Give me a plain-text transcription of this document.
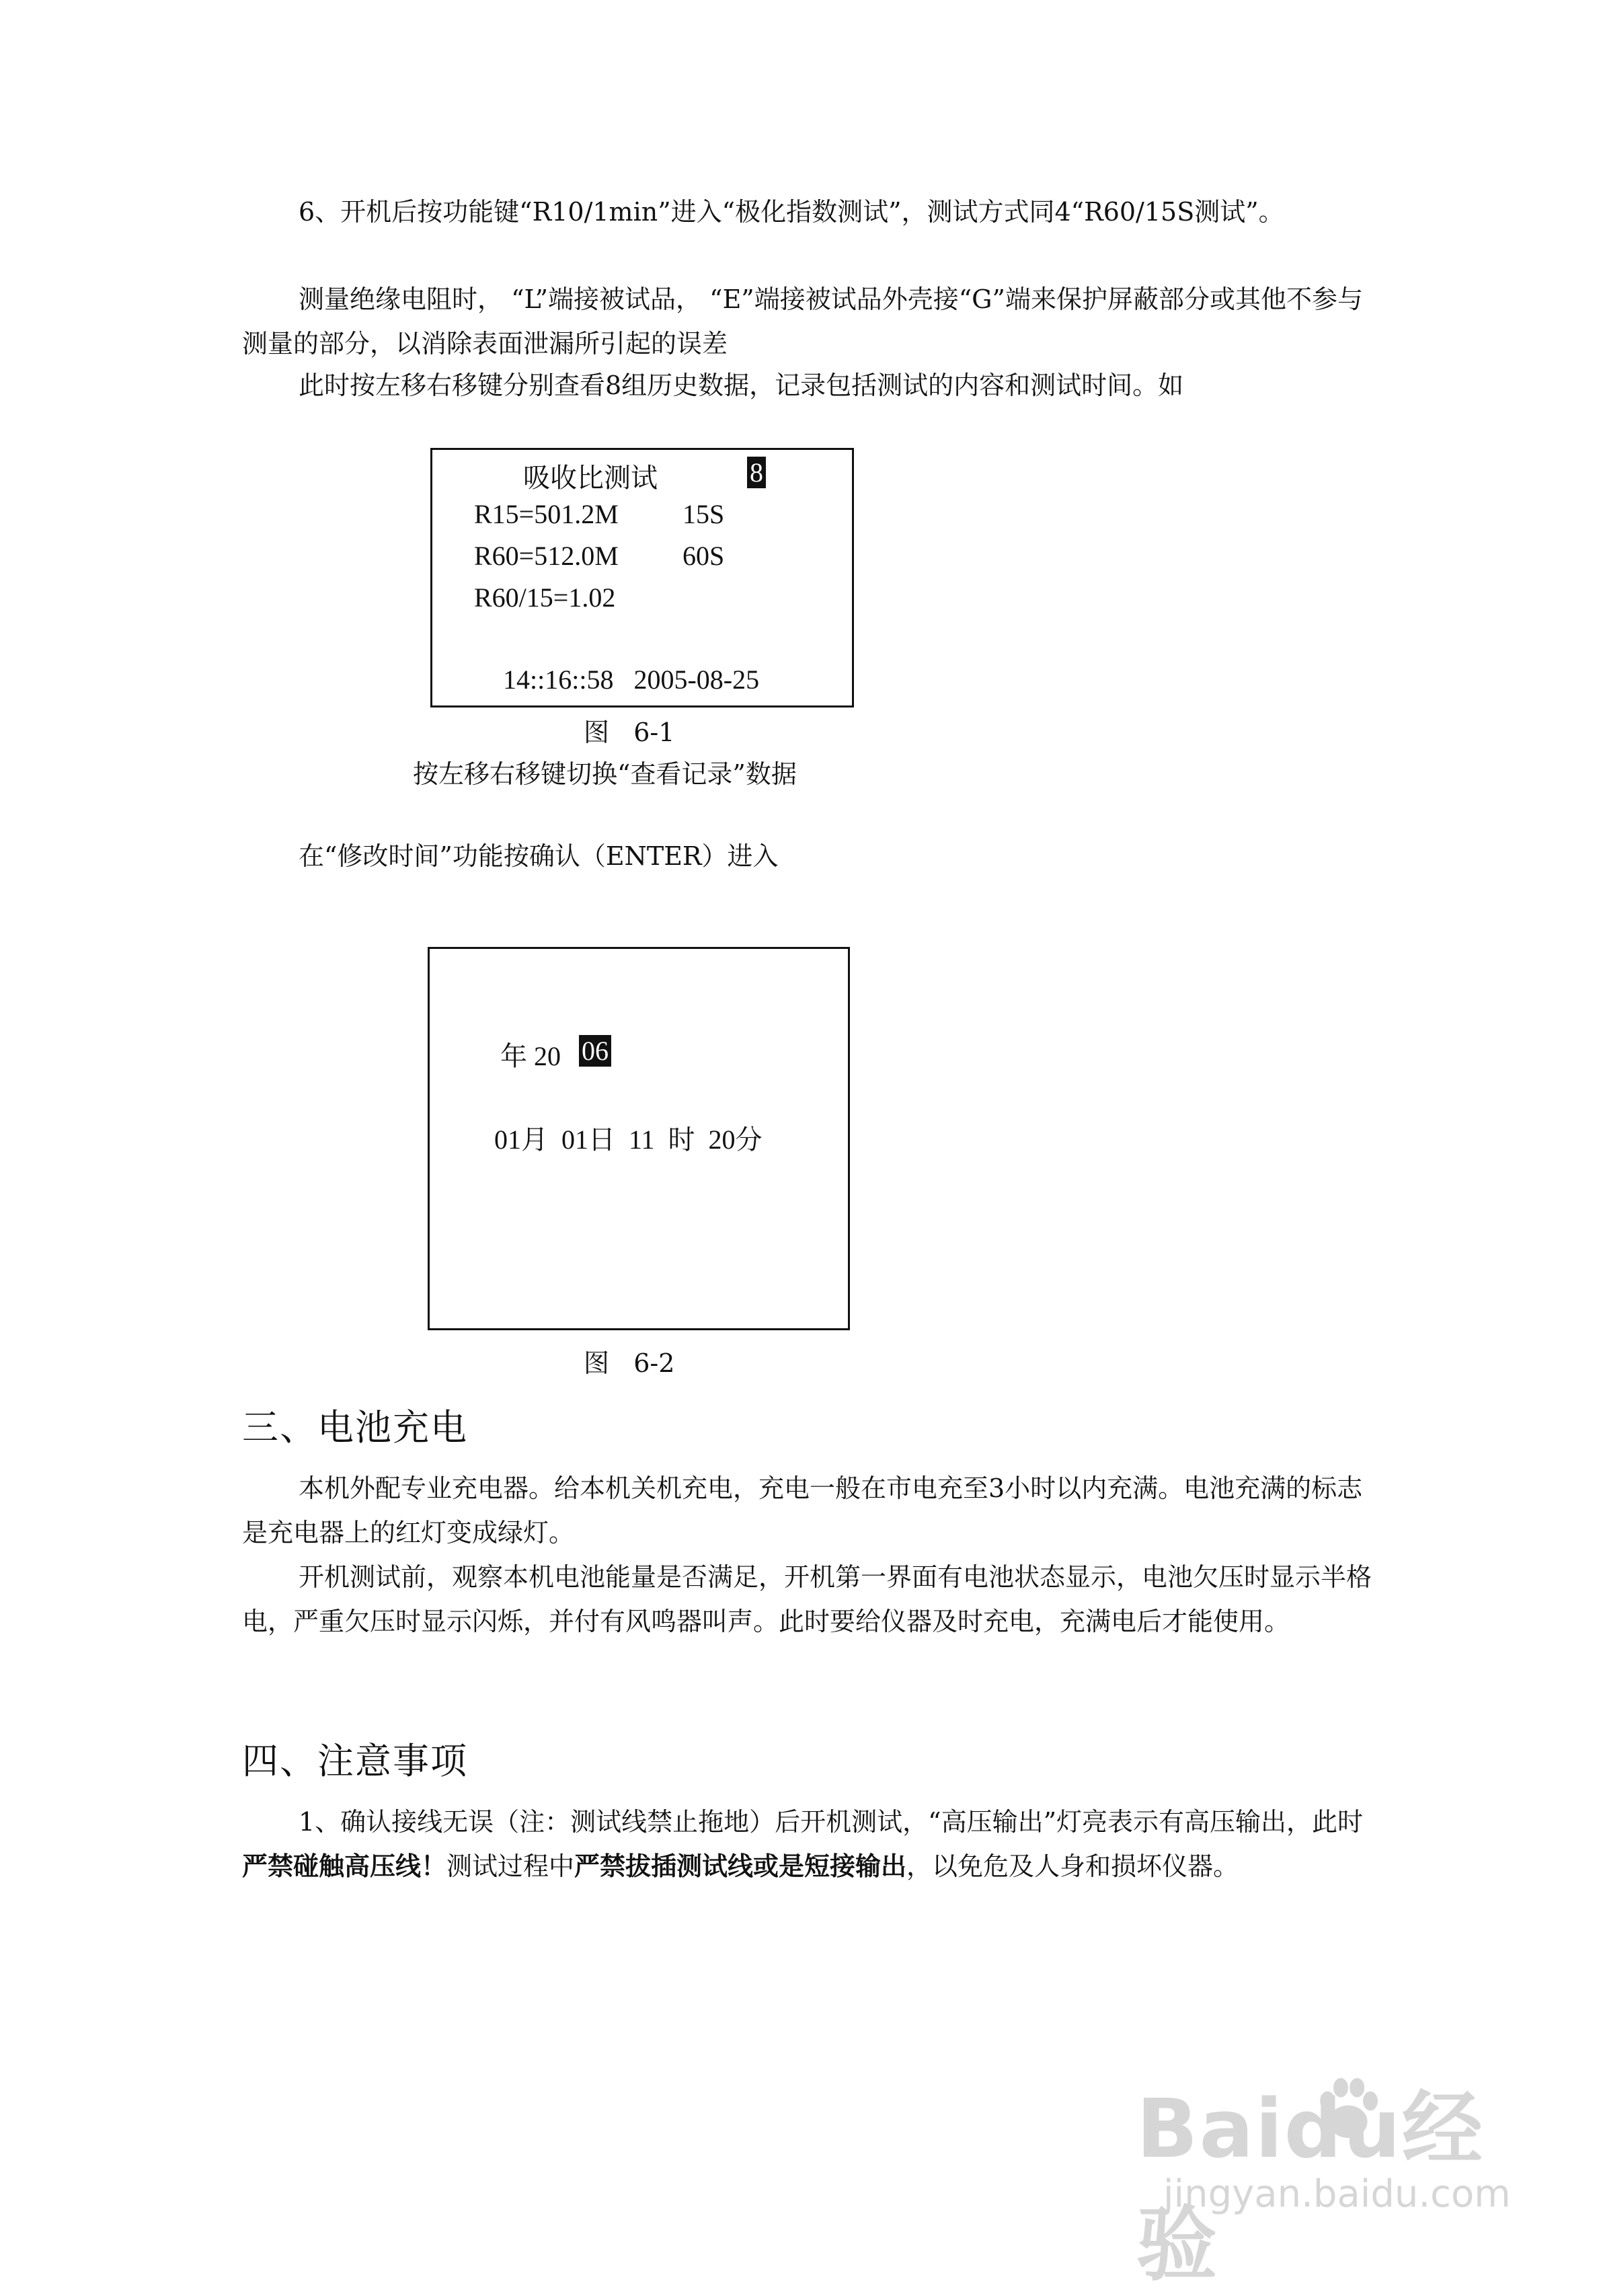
6、开机后按功能键“R10/1min”进入“极化指数测试”，测试方式同4“R60/15S测试”。

测量绝缘电阻时， “L”端接被试品， “E”端接被试品外壳接“G”端来保护屏蔽部分或其他不参与测量的部分，以消除表面泄漏所引起的误差

此时按左移右移键分别查看8组历史数据，记录包括测试的内容和测试时间。如

吸收比测试	8
R15=501.2M 15S
R60=512.0M 60S
R60/15=1.02
14::16::58   2005-08-25
图   6-1
按左移右移键切换“查看记录”数据

在“修改时间”功能按确认（ENTER）进入

年 20 06
01月  01日  11  时  20分
图   6-2
三、电池充电

本机外配专业充电器。给本机关机充电，充电一般在市电充至3小时以内充满。电池充满的标志是充电器上的红灯变成绿灯。

开机测试前，观察本机电池能量是否满足，开机第一界面有电池状态显示，电池欠压时显示半格电，严重欠压时显示闪烁，并付有风鸣器叫声。此时要给仪器及时充电，充满电后才能使用。

四、注意事项

1、确认接线无误（注：测试线禁止拖地）后开机测试，“高压输出”灯亮表示有高压输出，此时严禁碰触高压线！测试过程中严禁拔插测试线或是短接输出，以免危及人身和损坏仪器。

Baidu经验
jingyan.baidu.com
